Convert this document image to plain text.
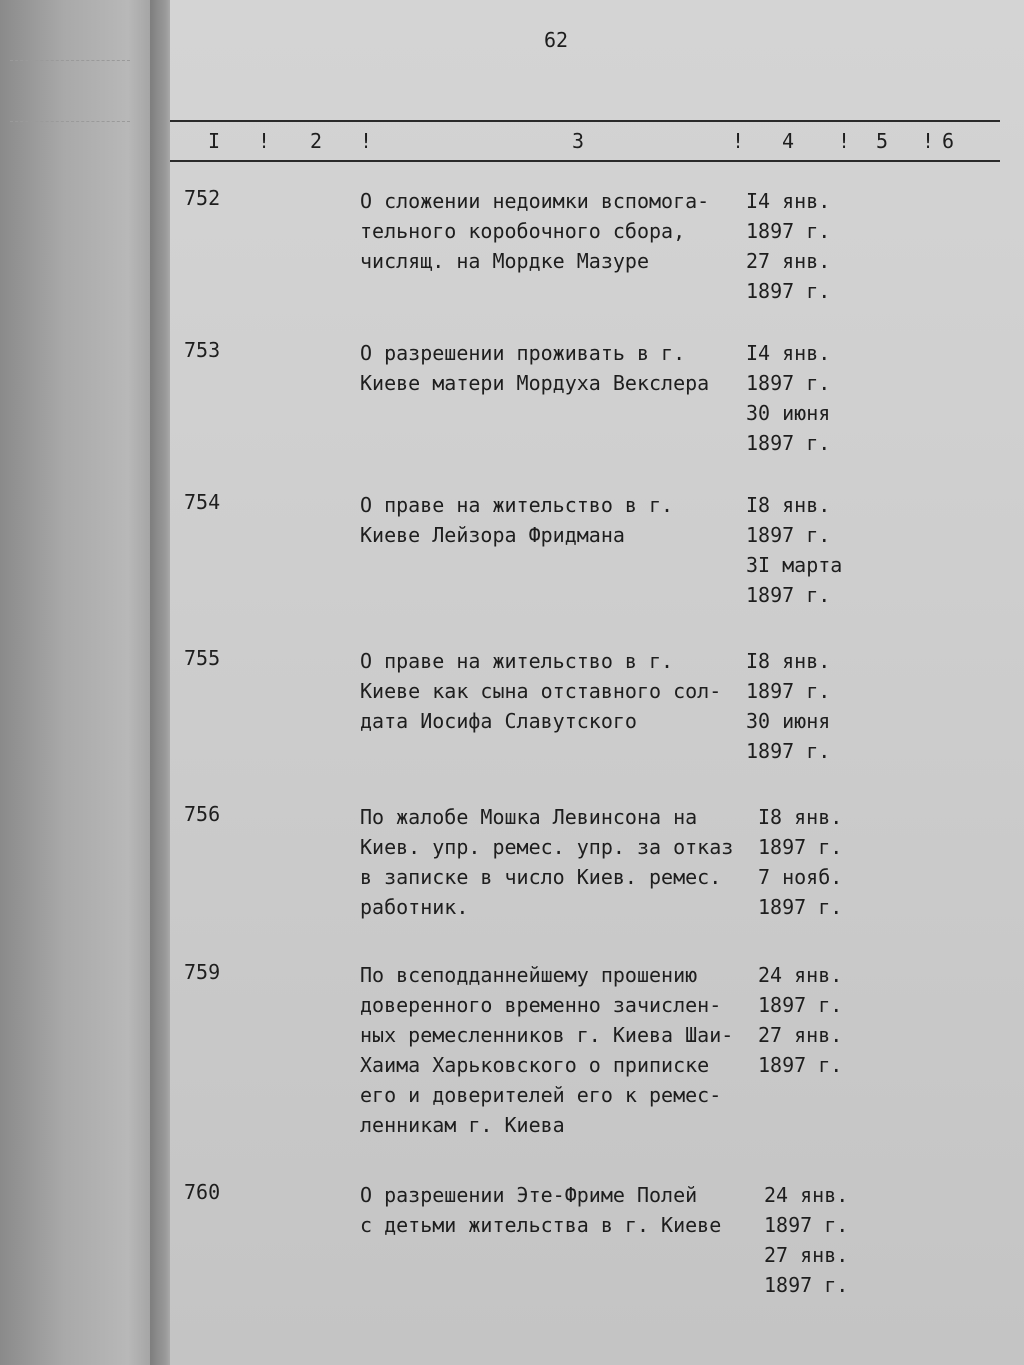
62
I ! 2 !	3	! 4 ! 5 ! 6
752	О сложении недоимки вспомога-
тельного коробочного сбора,
числящ. на Мордке Мазуре
I4 янв.
1897 г.
27 янв.
1897 г.
753	О разрешении проживать в г.
Киеве матери Мордуха Векслера
I4 янв.
1897 г.
30 июня
1897 г.
754	О праве на жительство в г.
Киеве Лейзора Фридмана
I8 янв.
1897 г.
3I марта
1897 г.
755	О праве на жительство в г.
Киеве как сына отставного сол-
дата Иосифа Славутского
I8 янв.
1897 г.
30 июня
1897 г.
756	По жалобе Мошка Левинсона на
Киев. упр. ремес. упр. за отказ
в записке в число Киев. ремес.
работник.
I8 янв.
1897 г.
7 нояб.
1897 г.
759	По всеподданнейшему прошению
доверенного временно зачислен-
ных ремесленников г. Киева Шаи-
Хаима Харьковского о приписке
его и доверителей его к ремес-
ленникам г. Киева
24 янв.
1897 г.
27 янв.
1897 г.
760	О разрешении Эте-Фриме Полей
с детьми жительства в г. Киеве
24 янв.
1897 г.
27 янв.
1897 г.
